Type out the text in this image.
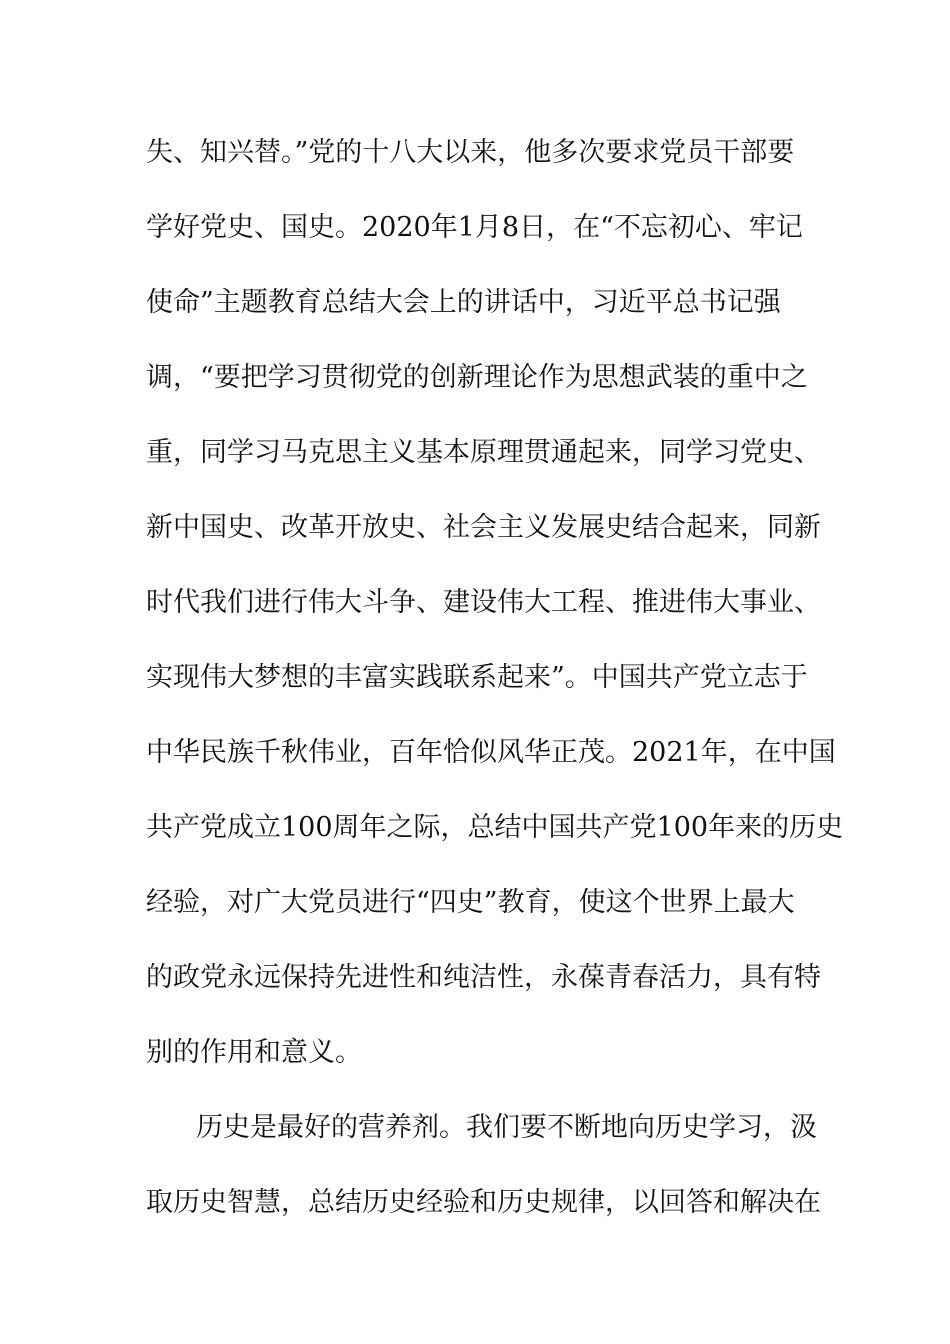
失、知兴替。”党的十八大以来，他多次要求党员干部要
学好党史、国史。2020年1月8日，在“不忘初心、牢记
使命”主题教育总结大会上的讲话中，习近平总书记强
调，“要把学习贯彻党的创新理论作为思想武装的重中之
重，同学习马克思主义基本原理贯通起来，同学习党史、
新中国史、改革开放史、社会主义发展史结合起来，同新
时代我们进行伟大斗争、建设伟大工程、推进伟大事业、
实现伟大梦想的丰富实践联系起来”。中国共产党立志于
中华民族千秋伟业，百年恰似风华正茂。2021年，在中国
共产党成立100周年之际，总结中国共产党100年来的历史
经验，对广大党员进行“四史”教育，使这个世界上最大
的政党永远保持先进性和纯洁性，永葆青春活力，具有特
别的作用和意义。
历史是最好的营养剂。我们要不断地向历史学习，汲
取历史智慧，总结历史经验和历史规律，以回答和解决在
